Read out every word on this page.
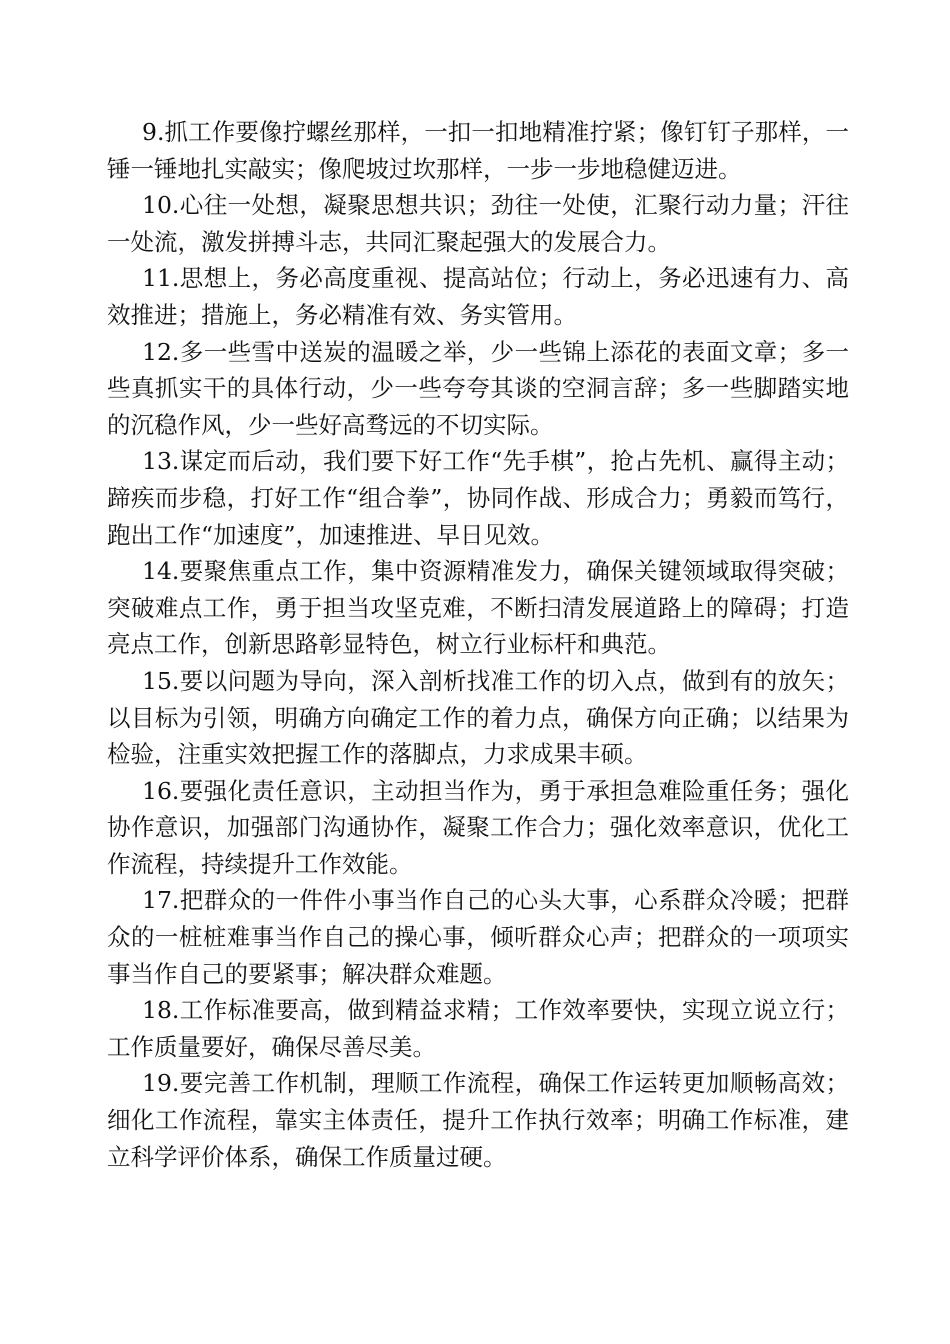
9.抓工作要像拧螺丝那样，一扣一扣地精准拧紧；像钉钉子那样，一锤一锤地扎实敲实；像爬坡过坎那样，一步一步地稳健迈进。

10.心往一处想，凝聚思想共识；劲往一处使，汇聚行动力量；汗往一处流，激发拼搏斗志，共同汇聚起强大的发展合力。

11.思想上，务必高度重视、提高站位；行动上，务必迅速有力、高效推进；措施上，务必精准有效、务实管用。

12.多一些雪中送炭的温暖之举，少一些锦上添花的表面文章；多一些真抓实干的具体行动，少一些夸夸其谈的空洞言辞；多一些脚踏实地的沉稳作风，少一些好高骛远的不切实际。

13.谋定而后动，我们要下好工作“先手棋”，抢占先机、赢得主动；蹄疾而步稳，打好工作“组合拳”，协同作战、形成合力；勇毅而笃行，跑出工作“加速度”，加速推进、早日见效。

14.要聚焦重点工作，集中资源精准发力，确保关键领域取得突破；突破难点工作，勇于担当攻坚克难，不断扫清发展道路上的障碍；打造亮点工作，创新思路彰显特色，树立行业标杆和典范。

15.要以问题为导向，深入剖析找准工作的切入点，做到有的放矢；以目标为引领，明确方向确定工作的着力点，确保方向正确；以结果为检验，注重实效把握工作的落脚点，力求成果丰硕。

16.要强化责任意识，主动担当作为，勇于承担急难险重任务；强化协作意识，加强部门沟通协作，凝聚工作合力；强化效率意识，优化工作流程，持续提升工作效能。

17.把群众的一件件小事当作自己的心头大事，心系群众冷暖；把群众的一桩桩难事当作自己的操心事，倾听群众心声；把群众的一项项实事当作自己的要紧事；解决群众难题。

18.工作标准要高，做到精益求精；工作效率要快，实现立说立行；工作质量要好，确保尽善尽美。

19.要完善工作机制，理顺工作流程，确保工作运转更加顺畅高效；细化工作流程，靠实主体责任，提升工作执行效率；明确工作标准，建立科学评价体系，确保工作质量过硬。
